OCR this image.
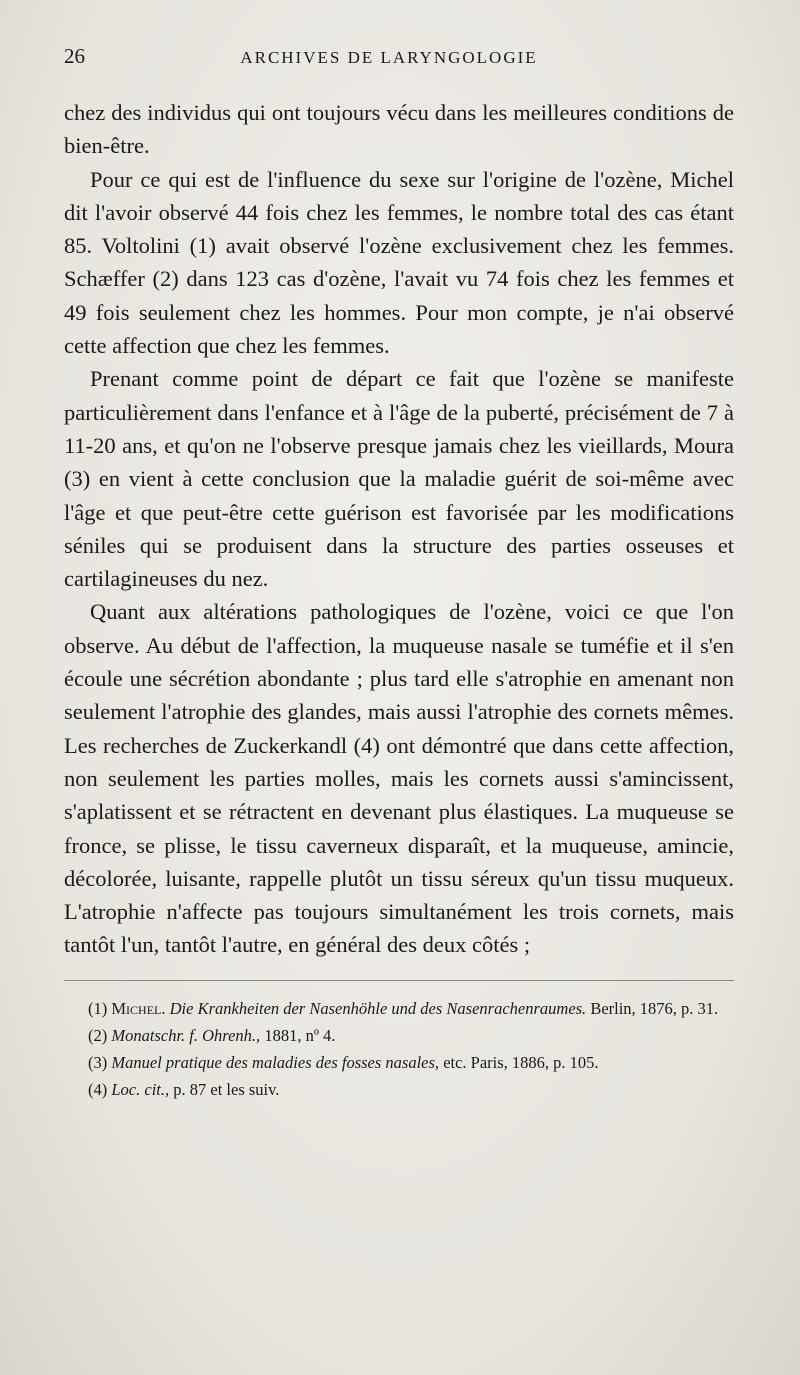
26	ARCHIVES DE LARYNGOLOGIE

chez des individus qui ont toujours vécu dans les meilleures conditions de bien-être.

Pour ce qui est de l'influence du sexe sur l'origine de l'ozène, Michel dit l'avoir observé 44 fois chez les femmes, le nombre total des cas étant 85. Voltolini (1) avait observé l'ozène exclusivement chez les femmes. Schæffer (2) dans 123 cas d'ozène, l'avait vu 74 fois chez les femmes et 49 fois seulement chez les hommes. Pour mon compte, je n'ai observé cette affection que chez les femmes.

Prenant comme point de départ ce fait que l'ozène se manifeste particulièrement dans l'enfance et à l'âge de la puberté, précisément de 7 à 11-20 ans, et qu'on ne l'observe presque jamais chez les vieillards, Moura (3) en vient à cette conclusion que la maladie guérit de soi-même avec l'âge et que peut-être cette guérison est favorisée par les modifications séniles qui se produisent dans la structure des parties osseuses et cartilagineuses du nez.

Quant aux altérations pathologiques de l'ozène, voici ce que l'on observe. Au début de l'affection, la muqueuse nasale se tuméfie et il s'en écoule une sécrétion abondante ; plus tard elle s'atrophie en amenant non seulement l'atrophie des glandes, mais aussi l'atrophie des cornets mêmes. Les recherches de Zuckerkandl (4) ont démontré que dans cette affection, non seulement les parties molles, mais les cornets aussi s'amincissent, s'aplatissent et se rétractent en devenant plus élastiques. La muqueuse se fronce, se plisse, le tissu caverneux disparaît, et la muqueuse, amincie, décolorée, luisante, rappelle plutôt un tissu séreux qu'un tissu muqueux. L'atrophie n'affecte pas toujours simultanément les trois cornets, mais tantôt l'un, tantôt l'autre, en général des deux côtés ;

(1) Michel. Die Krankheiten der Nasenhöhle und des Nasenrachenraumes. Berlin, 1876, p. 31.

(2) Monatschr. f. Ohrenh., 1881, nº 4.

(3) Manuel pratique des maladies des fosses nasales, etc. Paris, 1886, p. 105.

(4) Loc. cit., p. 87 et les suiv.
